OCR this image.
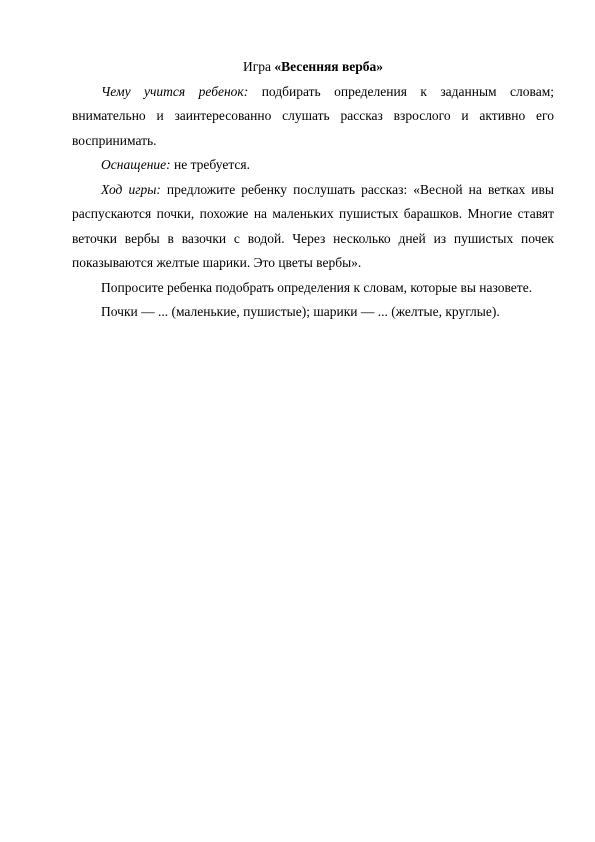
Игра «Весенняя верба»

Чему учится ребенок: подбирать определения к заданным словам; внимательно и заинтересованно слушать рассказ взрослого и активно его воспринимать.

Оснащение: не требуется.

Ход игры: предложите ребенку послушать рассказ: «Весной на ветках ивы распускаются почки, похожие на маленьких пушистых барашков. Многие ставят веточки вербы в вазочки с водой. Через несколько дней из пушистых почек показываются желтые шарики. Это цветы вербы».

Попросите ребенка подобрать определения к словам, которые вы назовете.

Почки — ... (маленькие, пушистые); шарики — ... (желтые, круглые).
